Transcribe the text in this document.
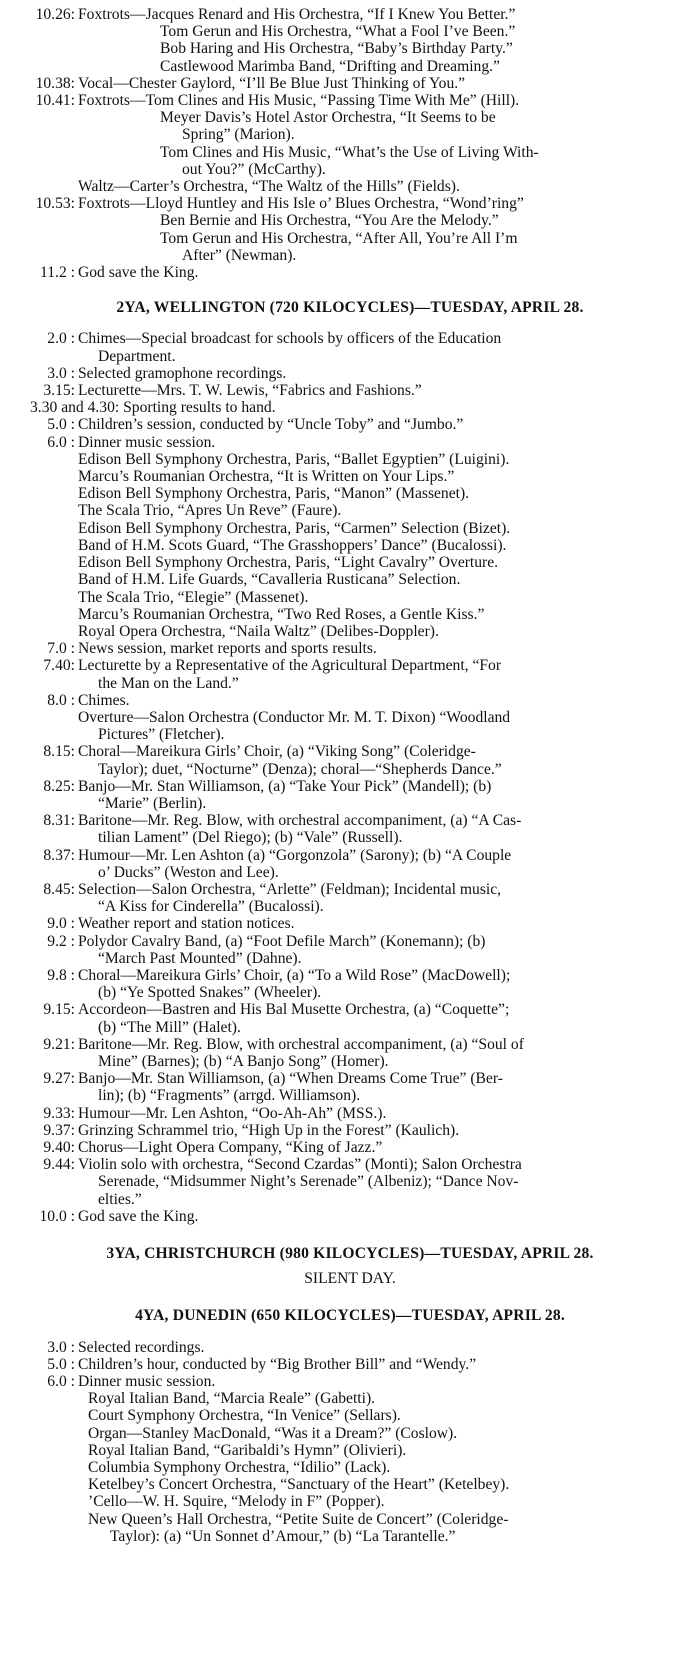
10.26: Foxtrots—Jacques Renard and His Orchestra, “If I Knew You Better.”
Tom Gerun and His Orchestra, “What a Fool I’ve Been.”
Bob Haring and His Orchestra, “Baby’s Birthday Party.”
Castlewood Marimba Band, “Drifting and Dreaming.”
10.38: Vocal—Chester Gaylord, “I’ll Be Blue Just Thinking of You.”
10.41: Foxtrots—Tom Clines and His Music, “Passing Time With Me” (Hill).
Meyer Davis’s Hotel Astor Orchestra, “It Seems to be
Spring” (Marion).
Tom Clines and His Music, “What’s the Use of Living With-
out You?” (McCarthy).
Waltz—Carter’s Orchestra, “The Waltz of the Hills” (Fields).
10.53: Foxtrots—Lloyd Huntley and His Isle o’ Blues Orchestra, “Wond’ring”
Ben Bernie and His Orchestra, “You Are the Melody.”
Tom Gerun and His Orchestra, “After All, You’re All I’m
After” (Newman).
11.2 : God save the King.
2YA, WELLINGTON (720 KILOCYCLES)—TUESDAY, APRIL 28.
2.0 : Chimes—Special broadcast for schools by officers of the Education
Department.
3.0 : Selected gramophone recordings.
3.15: Lecturette—Mrs. T. W. Lewis, “Fabrics and Fashions.”
3.30 and 4.30: Sporting results to hand.
5.0 : Children’s session, conducted by “Uncle Toby” and “Jumbo.”
6.0 : Dinner music session.
Edison Bell Symphony Orchestra, Paris, “Ballet Egyptien” (Luigini).
Marcu’s Roumanian Orchestra, “It is Written on Your Lips.”
Edison Bell Symphony Orchestra, Paris, “Manon” (Massenet).
The Scala Trio, “Apres Un Reve” (Faure).
Edison Bell Symphony Orchestra, Paris, “Carmen” Selection (Bizet).
Band of H.M. Scots Guard, “The Grasshoppers’ Dance” (Bucalossi).
Edison Bell Symphony Orchestra, Paris, “Light Cavalry” Overture.
Band of H.M. Life Guards, “Cavalleria Rusticana” Selection.
The Scala Trio, “Elegie” (Massenet).
Marcu’s Roumanian Orchestra, “Two Red Roses, a Gentle Kiss.”
Royal Opera Orchestra, “Naila Waltz” (Delibes-Doppler).
7.0 : News session, market reports and sports results.
7.40: Lecturette by a Representative of the Agricultural Department, “For
the Man on the Land.”
8.0 : Chimes.
Overture—Salon Orchestra (Conductor Mr. M. T. Dixon) “Woodland
Pictures” (Fletcher).
8.15: Choral—Mareikura Girls’ Choir, (a) “Viking Song” (Coleridge-
Taylor); duet, “Nocturne” (Denza); choral—“Shepherds Dance.”
8.25: Banjo—Mr. Stan Williamson, (a) “Take Your Pick” (Mandell); (b)
“Marie” (Berlin).
8.31: Baritone—Mr. Reg. Blow, with orchestral accompaniment, (a) “A Cas-
tilian Lament” (Del Riego); (b) “Vale” (Russell).
8.37: Humour—Mr. Len Ashton (a) “Gorgonzola” (Sarony); (b) “A Couple
o’ Ducks” (Weston and Lee).
8.45: Selection—Salon Orchestra, “Arlette” (Feldman); Incidental music,
“A Kiss for Cinderella” (Bucalossi).
9.0 : Weather report and station notices.
9.2 : Polydor Cavalry Band, (a) “Foot Defile March” (Konemann); (b)
“March Past Mounted” (Dahne).
9.8 : Choral—Mareikura Girls’ Choir, (a) “To a Wild Rose” (MacDowell);
(b) “Ye Spotted Snakes” (Wheeler).
9.15: Accordeon—Bastren and His Bal Musette Orchestra, (a) “Coquette”;
(b) “The Mill” (Halet).
9.21: Baritone—Mr. Reg. Blow, with orchestral accompaniment, (a) “Soul of
Mine” (Barnes); (b) “A Banjo Song” (Homer).
9.27: Banjo—Mr. Stan Williamson, (a) “When Dreams Come True” (Ber-
lin); (b) “Fragments” (arrgd. Williamson).
9.33: Humour—Mr. Len Ashton, “Oo-Ah-Ah” (MSS.).
9.37: Grinzing Schrammel trio, “High Up in the Forest” (Kaulich).
9.40: Chorus—Light Opera Company, “King of Jazz.”
9.44: Violin solo with orchestra, “Second Czardas” (Monti); Salon Orchestra
Serenade, “Midsummer Night’s Serenade” (Albeniz); “Dance Nov-
elties.”
10.0 : God save the King.
3YA, CHRISTCHURCH (980 KILOCYCLES)—TUESDAY, APRIL 28.
SILENT DAY.
4YA, DUNEDIN (650 KILOCYCLES)—TUESDAY, APRIL 28.
3.0 : Selected recordings.
5.0 : Children’s hour, conducted by “Big Brother Bill” and “Wendy.”
6.0 : Dinner music session.
Royal Italian Band, “Marcia Reale” (Gabetti).
Court Symphony Orchestra, “In Venice” (Sellars).
Organ—Stanley MacDonald, “Was it a Dream?” (Coslow).
Royal Italian Band, “Garibaldi’s Hymn” (Olivieri).
Columbia Symphony Orchestra, “Idilio” (Lack).
Ketelbey’s Concert Orchestra, “Sanctuary of the Heart” (Ketelbey).
’Cello—W. H. Squire, “Melody in F” (Popper).
New Queen’s Hall Orchestra, “Petite Suite de Concert” (Coleridge-
Taylor): (a) “Un Sonnet d’Amour,” (b) “La Tarantelle.”
